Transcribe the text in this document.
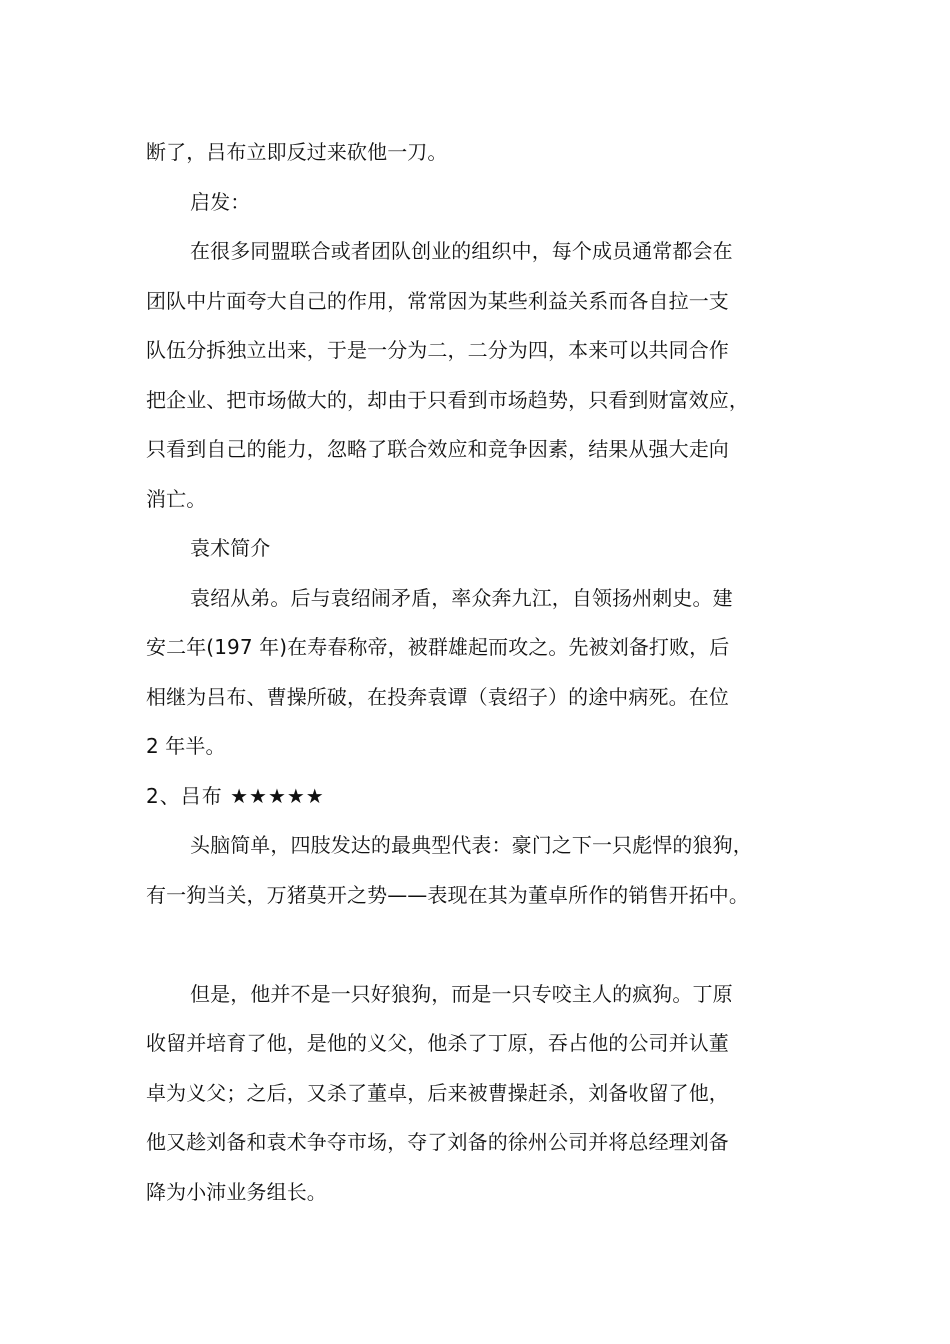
断了，吕布立即反过来砍他一刀。
启发：
在很多同盟联合或者团队创业的组织中，每个成员通常都会在
团队中片面夸大自己的作用，常常因为某些利益关系而各自拉一支
队伍分拆独立出来，于是一分为二，二分为四，本来可以共同合作
把企业、把市场做大的，却由于只看到市场趋势，只看到财富效应，
只看到自己的能力，忽略了联合效应和竞争因素，结果从强大走向
消亡。
袁术简介
袁绍从弟。后与袁绍闹矛盾，率众奔九江，自领扬州刺史。建
安二年(197 年)在寿春称帝，被群雄起而攻之。先被刘备打败，后
相继为吕布、曹操所破，在投奔袁谭（袁绍子）的途中病死。在位
2 年半。
2、吕布 ★★★★★
头脑简单，四肢发达的最典型代表：豪门之下一只彪悍的狼狗，
有一狗当关，万猪莫开之势——表现在其为董卓所作的销售开拓中。
但是，他并不是一只好狼狗，而是一只专咬主人的疯狗。丁原
收留并培育了他，是他的义父，他杀了丁原，吞占他的公司并认董
卓为义父；之后，又杀了董卓，后来被曹操赶杀，刘备收留了他，
他又趁刘备和袁术争夺市场，夺了刘备的徐州公司并将总经理刘备
降为小沛业务组长。
